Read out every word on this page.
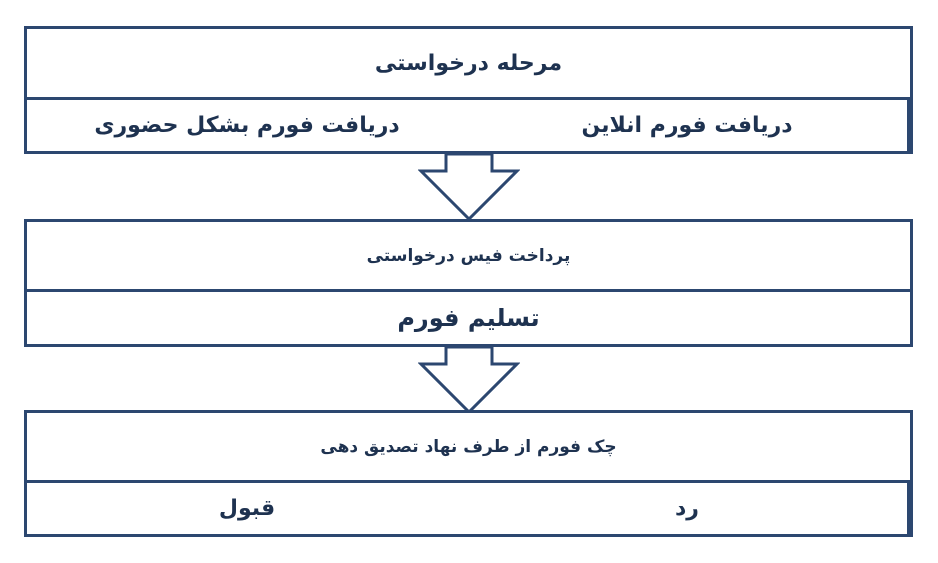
مرحله درخواستی
دریافت فورم بشکل حضوری	دریافت فورم انلاین
پرداخت فیس درخواستی
تسلیم فورم
چک فورم از طرف نهاد تصدیق دهی
قبول	رد
